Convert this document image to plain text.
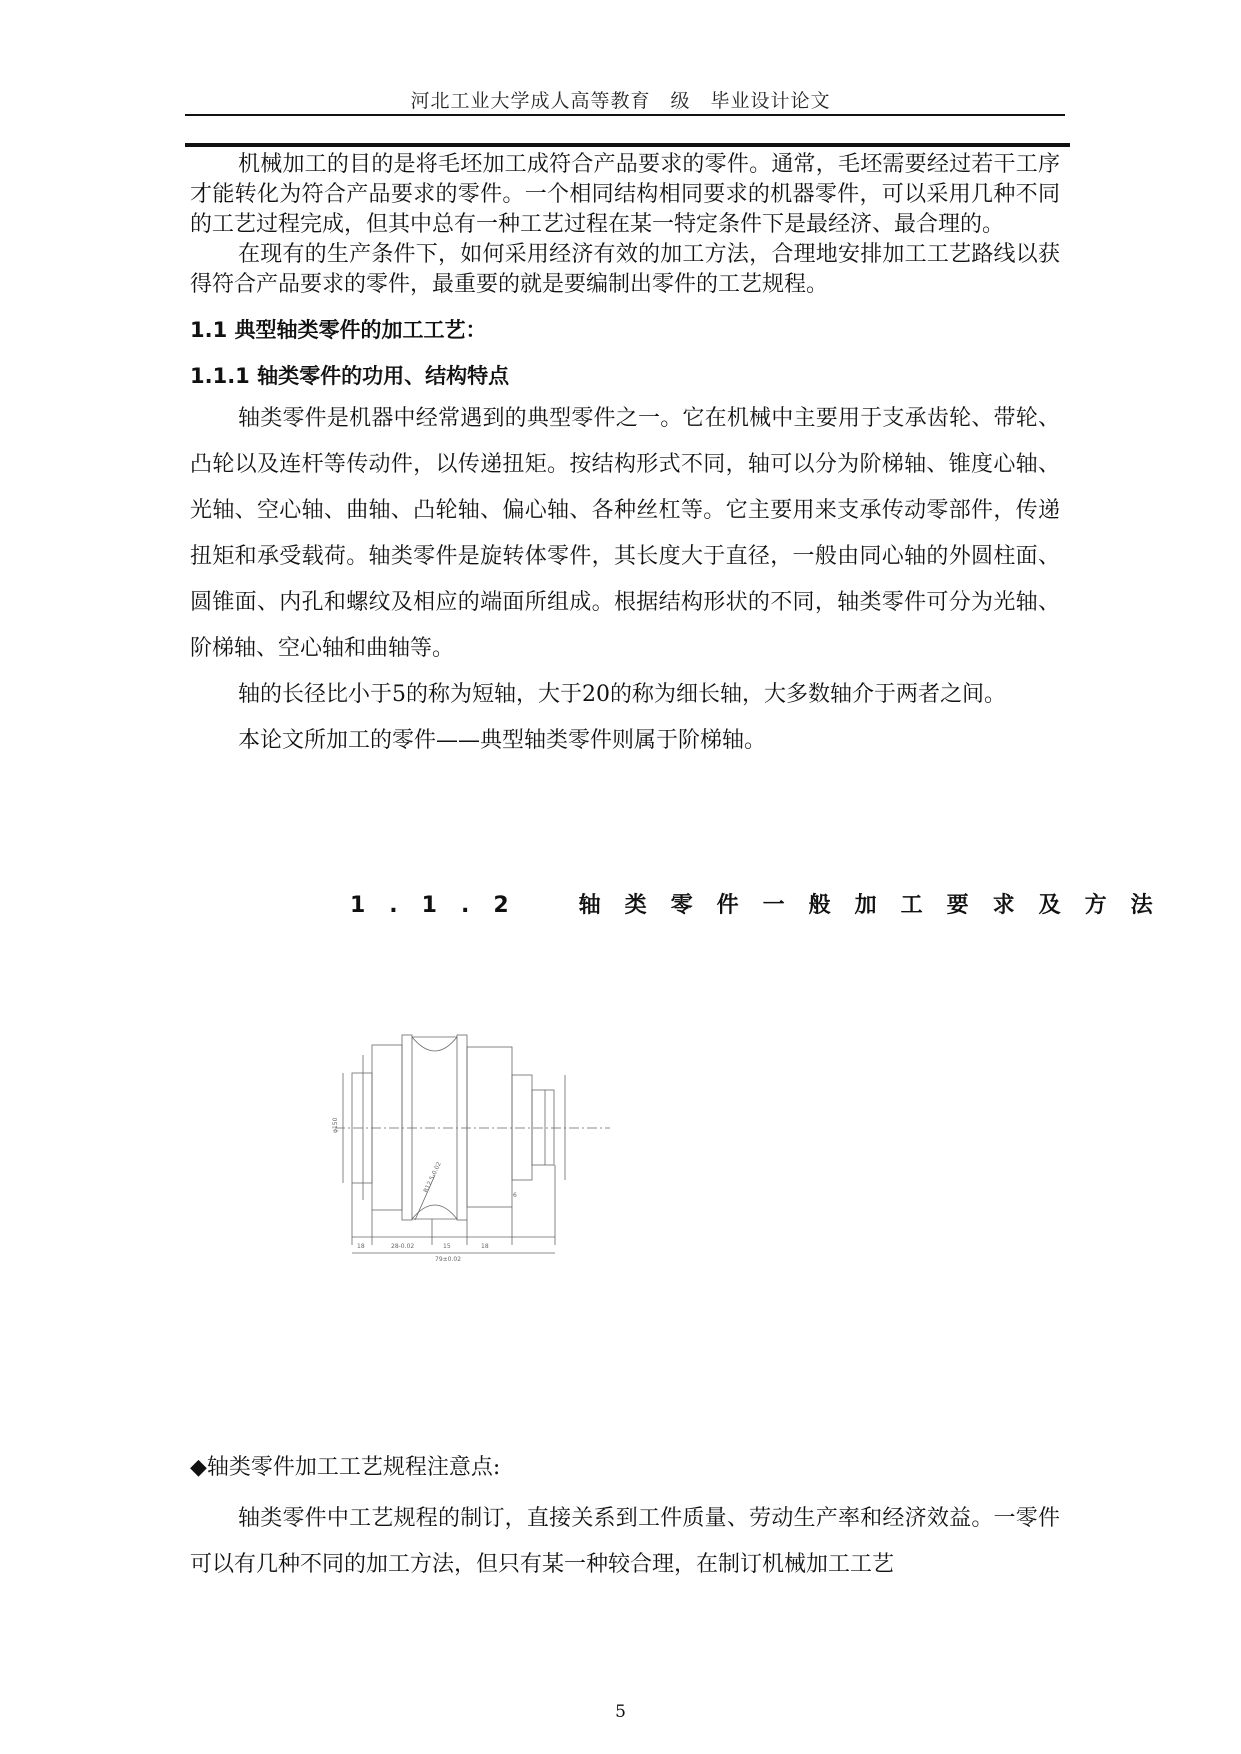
河北工业大学成人高等教育　级　毕业设计论文

机械加工的目的是将毛坯加工成符合产品要求的零件。通常，毛坯需要经过若干工序才能转化为符合产品要求的零件。一个相同结构相同要求的机器零件，可以采用几种不同的工艺过程完成，但其中总有一种工艺过程在某一特定条件下是最经济、最合理的。

在现有的生产条件下，如何采用经济有效的加工方法，合理地安排加工工艺路线以获得符合产品要求的零件，最重要的就是要编制出零件的工艺规程。

1.1 典型轴类零件的加工工艺：
1.1.1 轴类零件的功用、结构特点

轴类零件是机器中经常遇到的典型零件之一。它在机械中主要用于支承齿轮、带轮、凸轮以及连杆等传动件，以传递扭矩。按结构形式不同，轴可以分为阶梯轴、锥度心轴、光轴、空心轴、曲轴、凸轮轴、偏心轴、各种丝杠等。它主要用来支承传动零部件，传递扭矩和承受载荷。轴类零件是旋转体零件，其长度大于直径，一般由同心轴的外圆柱面、圆锥面、内孔和螺纹及相应的端面所组成。根据结构形状的不同，轴类零件可分为光轴、阶梯轴、空心轴和曲轴等。

轴的长径比小于5的称为短轴，大于20的称为细长轴，大多数轴介于两者之间。

本论文所加工的零件——典型轴类零件则属于阶梯轴。

1.1.2　轴类零件一般加工要求及方法
18	28-0.02	15	18
79±0.02
φ150
R12.5-0.02
6

◆轴类零件加工工艺规程注意点:

轴类零件中工艺规程的制订，直接关系到工件质量、劳动生产率和经济效益。一零件可以有几种不同的加工方法，但只有某一种较合理，在制订机械加工工艺

5
